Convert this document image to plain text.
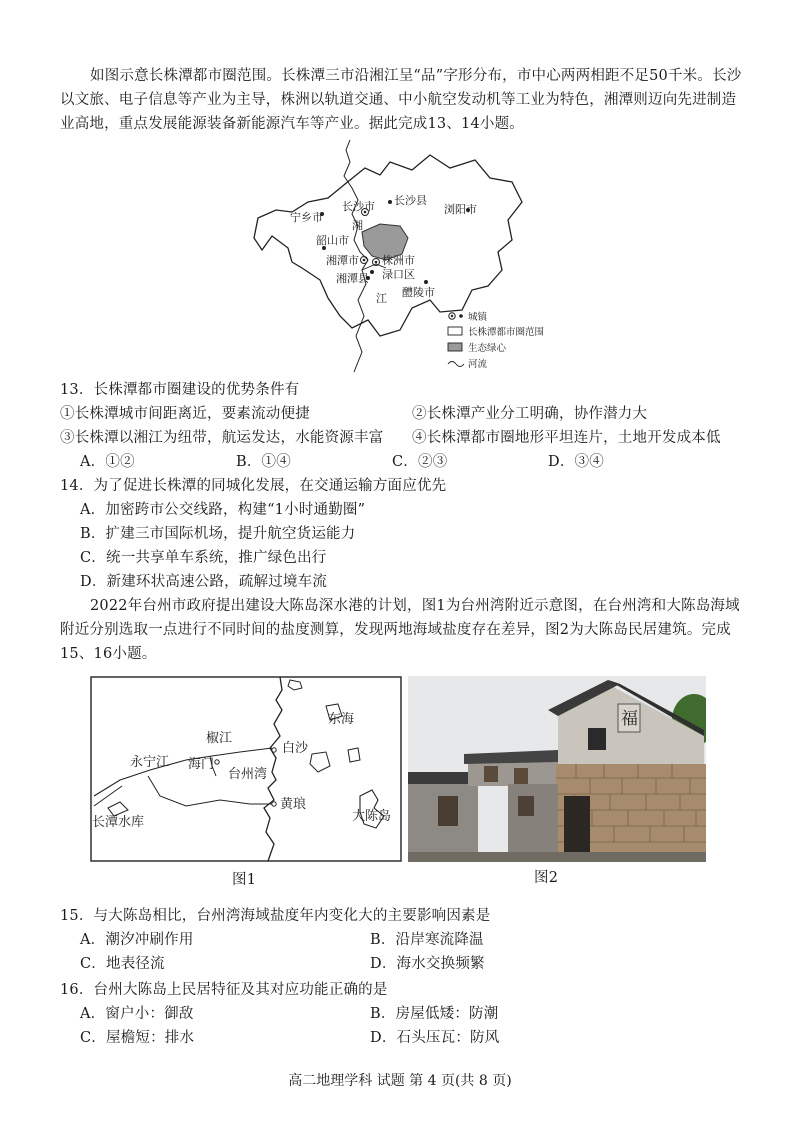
如图示意长株潭都市圈范围。长株潭三市沿湘江呈“品”字形分布，市中心两两相距不足50千米。长沙以文旅、电子信息等产业为主导，株洲以轨道交通、中小航空发动机等工业为特色，湘潭则迈向先进制造业高地，重点发展能源装备新能源汽车等产业。据此完成13、14小题。

长沙市
宁乡市
长沙县
浏阳市
湘
韶山市
湘潭市 株洲市
渌口区
湘潭县
江 醴陵市
城镇
长株潭都市圈范围
生态绿心
河流

13．长株潭都市圈建设的优势条件有

①长株潭城市间距离近，要素流动便捷	②长株潭产业分工明确，协作潜力大

③长株潭以湘江为纽带，航运发达，水能资源丰富 ④长株潭都市圈地形平坦连片，土地开发成本低

A．①②	B．①④	C．②③	D．③④

14．为了促进长株潭的同城化发展，在交通运输方面应优先

A．加密跨市公交线路，构建“1小时通勤圈”

B．扩建三市国际机场，提升航空货运能力

C．统一共享单车系统，推广绿色出行

D．新建环状高速公路，疏解过境车流

2022年台州市政府提出建设大陈岛深水港的计划，图1为台州湾附近示意图，在台州湾和大陈岛海域附近分别选取一点进行不同时间的盐度测算，发现两地海域盐度存在差异，图2为大陈岛民居建筑。完成15、16小题。

东海
椒江
白沙
永宁江 海门
台州湾
黄琅
长潭水库	大陈岛

图1

福

图2

15．与大陈岛相比，台州湾海域盐度年内变化大的主要影响因素是

A．潮汐冲刷作用	B．沿岸寒流降温

C．地表径流	D．海水交换频繁

16．台州大陈岛上民居特征及其对应功能正确的是

A．窗户小：御敌	B．房屋低矮：防潮

C．屋檐短：排水	D．石头压瓦：防风

高二地理学科 试题 第 4 页(共 8 页)
